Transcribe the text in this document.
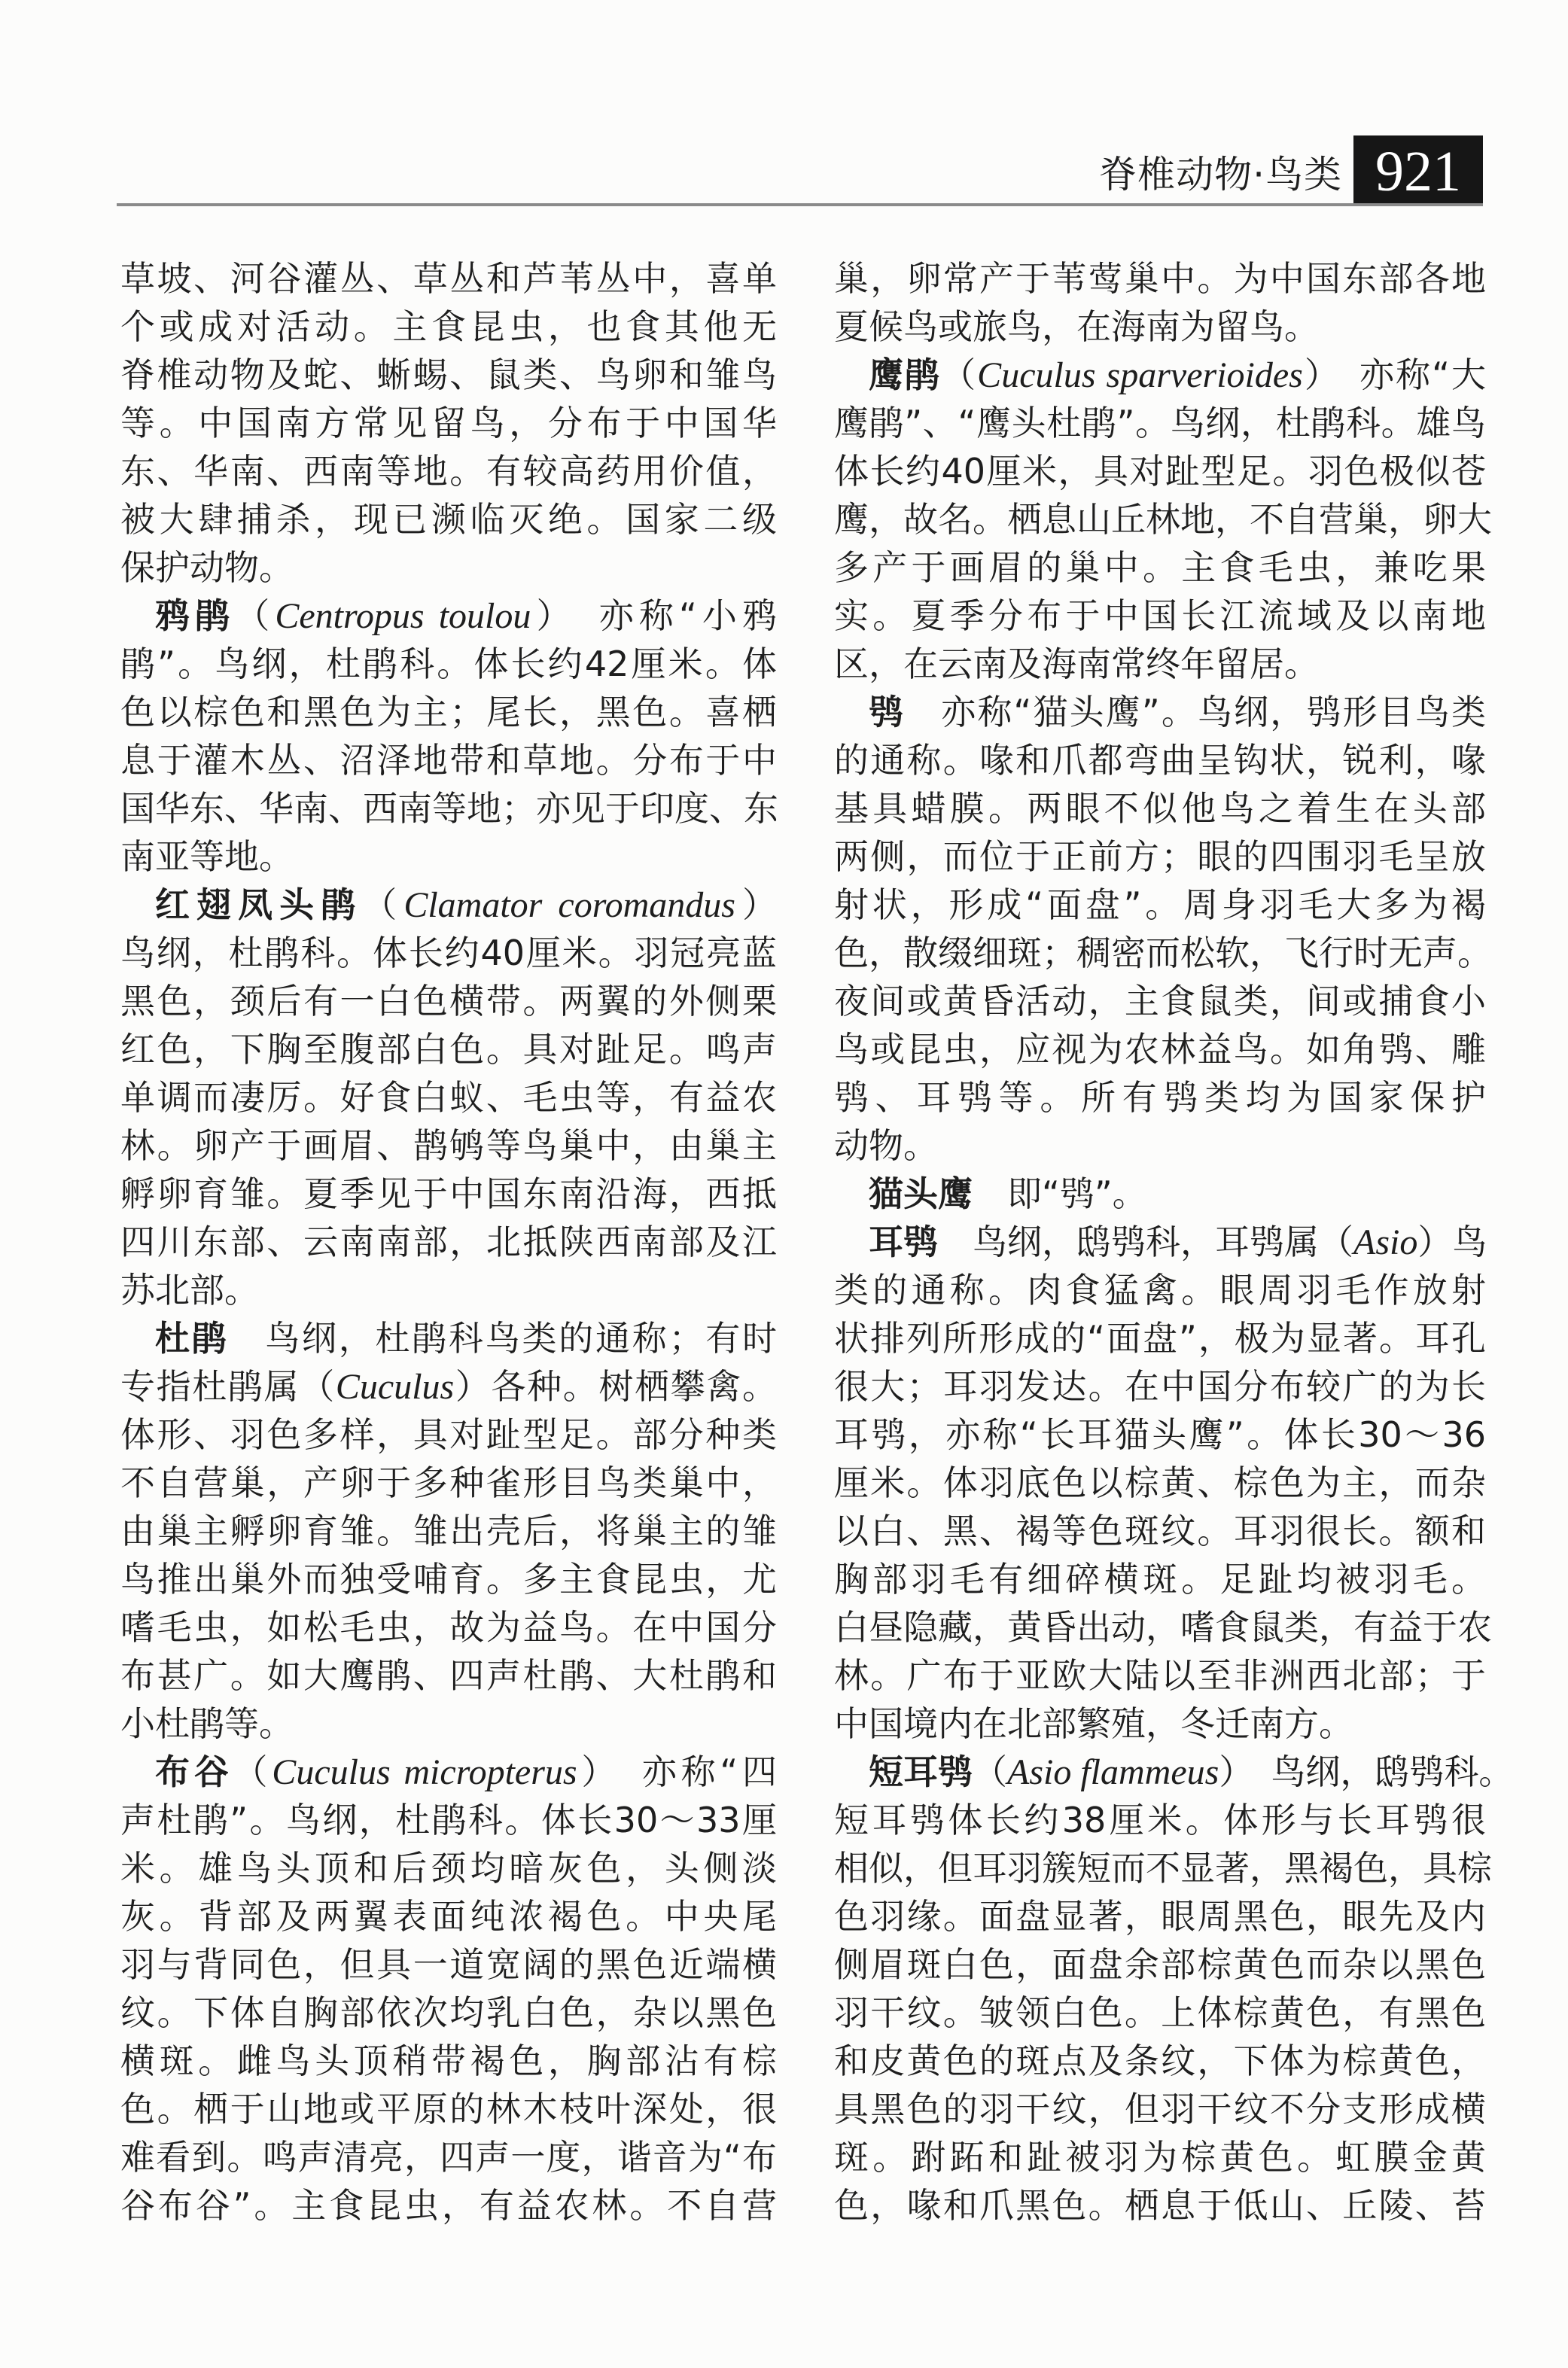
脊椎动物·鸟类 921
草坡、河谷灌丛、草丛和芦苇丛中，喜单
个或成对活动。主食昆虫，也食其他无
脊椎动物及蛇、蜥蜴、鼠类、鸟卵和雏鸟
等。中国南方常见留鸟，分布于中国华
东、华南、西南等地。有较高药用价值，
被大肆捕杀，现已濒临灭绝。国家二级
保护动物。
鸦鹃（Centropus toulou）　亦称“小鸦
鹃”。鸟纲，杜鹃科。体长约42厘米。体
色以棕色和黑色为主；尾长，黑色。喜栖
息于灌木丛、沼泽地带和草地。分布于中
国华东、华南、西南等地；亦见于印度、东
南亚等地。
红翅凤头鹃（Clamator coromandus）
鸟纲，杜鹃科。体长约40厘米。羽冠亮蓝
黑色，颈后有一白色横带。两翼的外侧栗
红色，下胸至腹部白色。具对趾足。鸣声
单调而凄厉。好食白蚁、毛虫等，有益农
林。卵产于画眉、鹊鸲等鸟巢中，由巢主
孵卵育雏。夏季见于中国东南沿海，西抵
四川东部、云南南部，北抵陕西南部及江
苏北部。
杜鹃　鸟纲，杜鹃科鸟类的通称；有时
专指杜鹃属（Cuculus）各种。树栖攀禽。
体形、羽色多样，具对趾型足。部分种类
不自营巢，产卵于多种雀形目鸟类巢中，
由巢主孵卵育雏。雏出壳后，将巢主的雏
鸟推出巢外而独受哺育。多主食昆虫，尤
嗜毛虫，如松毛虫，故为益鸟。在中国分
布甚广。如大鹰鹃、四声杜鹃、大杜鹃和
小杜鹃等。
布谷（Cuculus micropterus）　亦称“四
声杜鹃”。鸟纲，杜鹃科。体长30～33厘
米。雄鸟头顶和后颈均暗灰色，头侧淡
灰。背部及两翼表面纯浓褐色。中央尾
羽与背同色，但具一道宽阔的黑色近端横
纹。下体自胸部依次均乳白色，杂以黑色
横斑。雌鸟头顶稍带褐色，胸部沾有棕
色。栖于山地或平原的林木枝叶深处，很
难看到。鸣声清亮，四声一度，谐音为“布
谷布谷”。主食昆虫，有益农林。不自营
巢，卵常产于苇莺巢中。为中国东部各地
夏候鸟或旅鸟，在海南为留鸟。
鹰鹃（Cuculus sparverioides）　亦称“大
鹰鹃”、“鹰头杜鹃”。鸟纲，杜鹃科。雄鸟
体长约40厘米，具对趾型足。羽色极似苍
鹰，故名。栖息山丘林地，不自营巢，卵大
多产于画眉的巢中。主食毛虫，兼吃果
实。夏季分布于中国长江流域及以南地
区，在云南及海南常终年留居。
鸮　亦称“猫头鹰”。鸟纲，鸮形目鸟类
的通称。喙和爪都弯曲呈钩状，锐利，喙
基具蜡膜。两眼不似他鸟之着生在头部
两侧，而位于正前方；眼的四围羽毛呈放
射状，形成“面盘”。周身羽毛大多为褐
色，散缀细斑；稠密而松软，飞行时无声。
夜间或黄昏活动，主食鼠类，间或捕食小
鸟或昆虫，应视为农林益鸟。如角鸮、雕
鸮、耳鸮等。所有鸮类均为国家保护
动物。
猫头鹰　即“鸮”。
耳鸮　鸟纲，鸱鸮科，耳鸮属（Asio）鸟
类的通称。肉食猛禽。眼周羽毛作放射
状排列所形成的“面盘”，极为显著。耳孔
很大；耳羽发达。在中国分布较广的为长
耳鸮，亦称“长耳猫头鹰”。体长30～36
厘米。体羽底色以棕黄、棕色为主，而杂
以白、黑、褐等色斑纹。耳羽很长。额和
胸部羽毛有细碎横斑。足趾均被羽毛。
白昼隐藏，黄昏出动，嗜食鼠类，有益于农
林。广布于亚欧大陆以至非洲西北部；于
中国境内在北部繁殖，冬迁南方。
短耳鸮（Asio flammeus）　鸟纲，鸱鸮科。
短耳鸮体长约38厘米。体形与长耳鸮很
相似，但耳羽簇短而不显著，黑褐色，具棕
色羽缘。面盘显著，眼周黑色，眼先及内
侧眉斑白色，面盘余部棕黄色而杂以黑色
羽干纹。皱领白色。上体棕黄色，有黑色
和皮黄色的斑点及条纹，下体为棕黄色，
具黑色的羽干纹，但羽干纹不分支形成横
斑。跗跖和趾被羽为棕黄色。虹膜金黄
色，喙和爪黑色。栖息于低山、丘陵、苔
